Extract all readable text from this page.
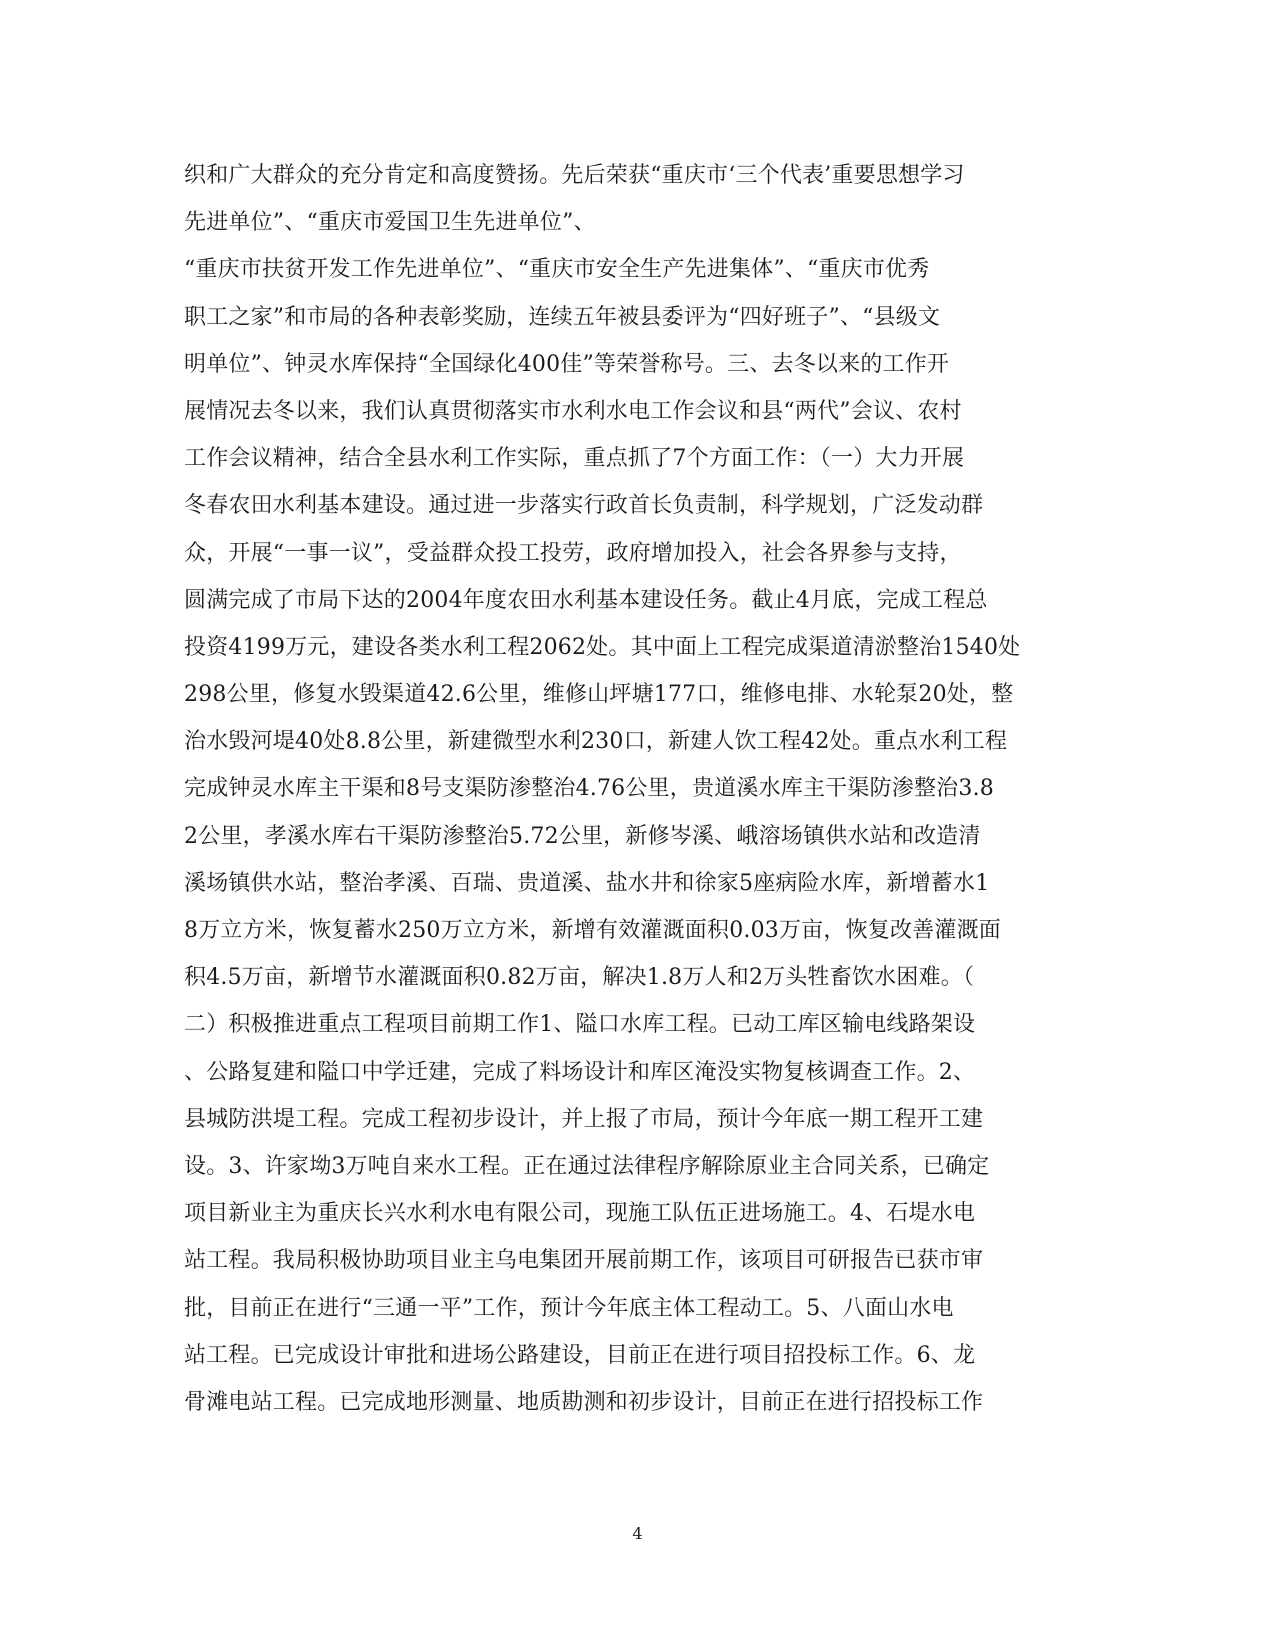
织和广大群众的充分肯定和高度赞扬。先后荣获“重庆市‘三个代表’重要思想学习
先进单位”、“重庆市爱国卫生先进单位”、
“重庆市扶贫开发工作先进单位”、“重庆市安全生产先进集体”、“重庆市优秀
职工之家”和市局的各种表彰奖励，连续五年被县委评为“四好班子”、“县级文
明单位”、钟灵水库保持“全国绿化400佳”等荣誉称号。三、去冬以来的工作开
展情况去冬以来，我们认真贯彻落实市水利水电工作会议和县“两代”会议、农村
工作会议精神，结合全县水利工作实际，重点抓了7个方面工作：（一）大力开展
冬春农田水利基本建设。通过进一步落实行政首长负责制，科学规划，广泛发动群
众，开展“一事一议”，受益群众投工投劳，政府增加投入，社会各界参与支持，
圆满完成了市局下达的2004年度农田水利基本建设任务。截止4月底，完成工程总
投资4199万元，建设各类水利工程2062处。其中面上工程完成渠道清淤整治1540处
298公里，修复水毁渠道42.6公里，维修山坪塘177口，维修电排、水轮泵20处，整
治水毁河堤40处8.8公里，新建微型水利230口，新建人饮工程42处。重点水利工程
完成钟灵水库主干渠和8号支渠防渗整治4.76公里，贵道溪水库主干渠防渗整治3.8
2公里，孝溪水库右干渠防渗整治5.72公里，新修岑溪、峨溶场镇供水站和改造清
溪场镇供水站，整治孝溪、百瑞、贵道溪、盐水井和徐家5座病险水库，新增蓄水1
8万立方米，恢复蓄水250万立方米，新增有效灌溉面积0.03万亩，恢复改善灌溉面
积4.5万亩，新增节水灌溉面积0.82万亩，解决1.8万人和2万头牲畜饮水困难。（
二）积极推进重点工程项目前期工作1、隘口水库工程。已动工库区输电线路架设
、公路复建和隘口中学迁建，完成了料场设计和库区淹没实物复核调查工作。2、
县城防洪堤工程。完成工程初步设计，并上报了市局，预计今年底一期工程开工建
设。3、许家坳3万吨自来水工程。正在通过法律程序解除原业主合同关系，已确定
项目新业主为重庆长兴水利水电有限公司，现施工队伍正进场施工。4、石堤水电
站工程。我局积极协助项目业主乌电集团开展前期工作，该项目可研报告已获市审
批，目前正在进行“三通一平”工作，预计今年底主体工程动工。5、八面山水电
站工程。已完成设计审批和进场公路建设，目前正在进行项目招投标工作。6、龙
骨滩电站工程。已完成地形测量、地质勘测和初步设计，目前正在进行招投标工作
4
